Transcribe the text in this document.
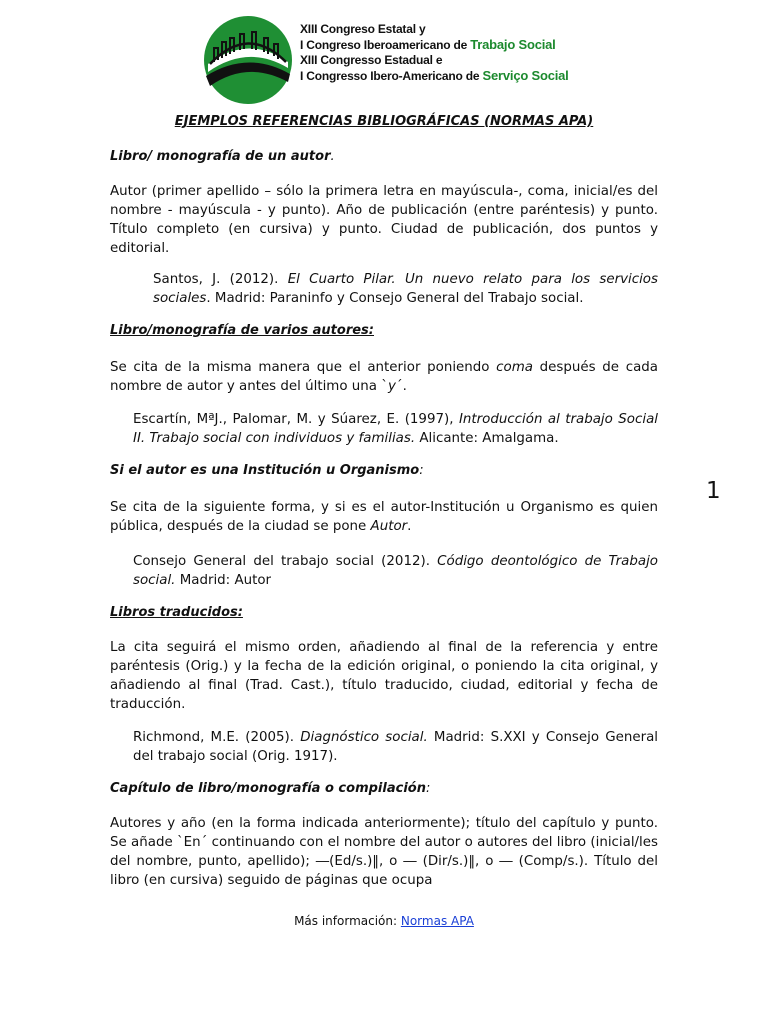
XIII Congreso Estatal y
I Congreso Iberoamericano de Trabajo Social
XIII Congresso Estadual e
I Congresso Ibero-Americano de Serviço Social
EJEMPLOS REFERENCIAS BIBLIOGRÁFICAS (NORMAS APA)
Libro/ monografía de un autor.
Autor (primer apellido – sólo la primera letra en mayúscula-, coma, inicial/es del nombre - mayúscula - y punto). Año de publicación (entre paréntesis) y punto. Título completo (en cursiva) y punto. Ciudad de publicación, dos puntos y editorial.
Santos, J. (2012). El Cuarto Pilar. Un nuevo relato para los servicios sociales. Madrid: Paraninfo y Consejo General del Trabajo social.
Libro/monografía de varios autores:
Se cita de la misma manera que el anterior poniendo coma después de cada nombre de autor y antes del último una `y´.
Escartín, MªJ., Palomar, M. y Súarez, E. (1997), Introducción al trabajo Social II. Trabajo social con individuos y familias. Alicante: Amalgama.
Si el autor es una Institución u Organismo:
Se cita de la siguiente forma, y si es el autor-Institución u Organismo es quien pública, después de la ciudad se pone Autor.
Consejo General del trabajo social (2012). Código deontológico de Trabajo social. Madrid: Autor
Libros traducidos:
La cita seguirá el mismo orden, añadiendo al final de la referencia y entre paréntesis (Orig.) y la fecha de la edición original, o poniendo la cita original, y añadiendo al final (Trad. Cast.), título traducido, ciudad, editorial y fecha de traducción.
Richmond, M.E. (2005). Diagnóstico social. Madrid: S.XXI y Consejo General del trabajo social (Orig. 1917).
Capítulo de libro/monografía o compilación:
Autores y año (en la forma indicada anteriormente); título del capítulo y punto. Se añade `En´ continuando con el nombre del autor o autores del libro (inicial/les del nombre, punto, apellido); ―(Ed/s.)‖, o ― (Dir/s.)‖, o ― (Comp/s.). Título del libro (en cursiva) seguido de páginas que ocupa
1
Más información: Normas APA
